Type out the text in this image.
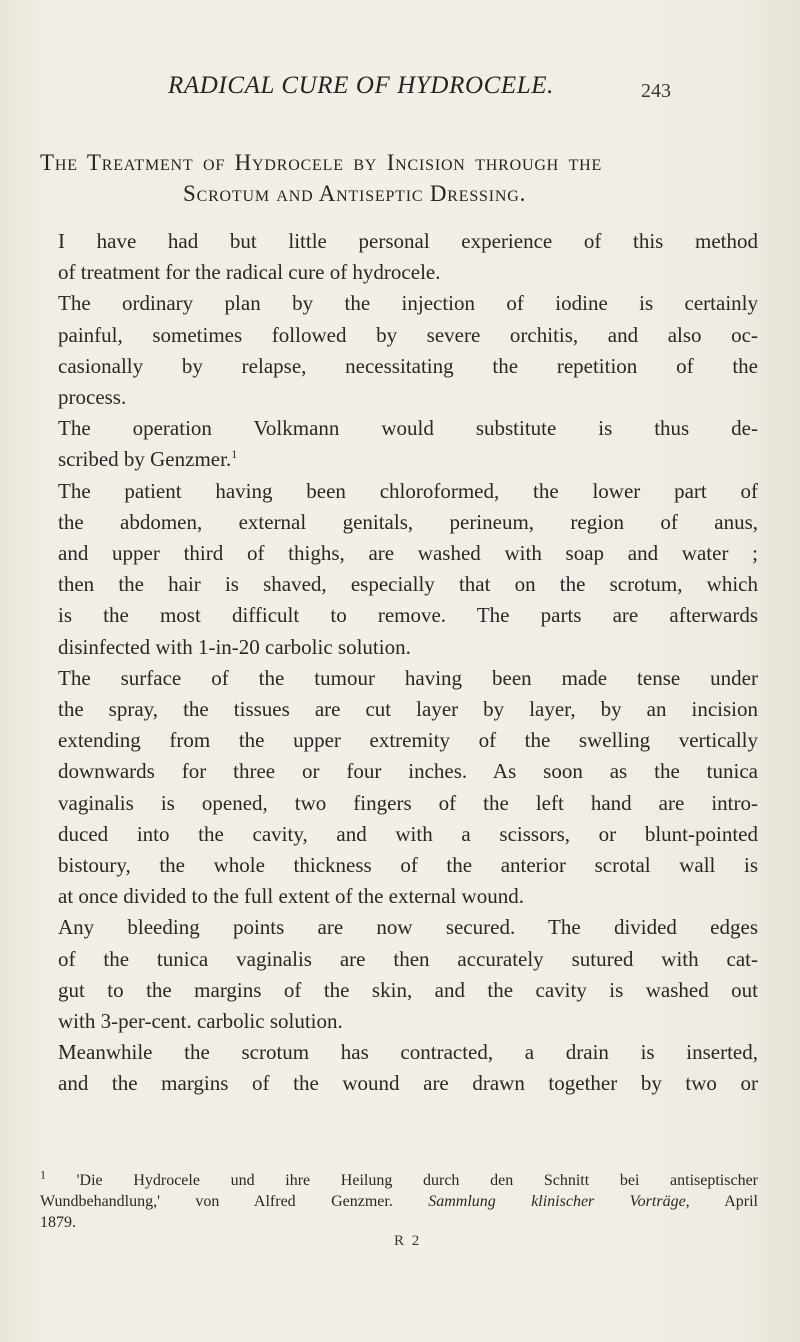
RADICAL CURE OF HYDROCELE.	243
The Treatment of Hydrocele by Incision through the
Scrotum and Antiseptic Dressing.

I have had but little personal experience of this method
of treatment for the radical cure of hydrocele.

The ordinary plan by the injection of iodine is certainly
painful, sometimes followed by severe orchitis, and also oc-
casionally by relapse, necessitating the repetition of the
process.

The operation Volkmann would substitute is thus de-
scribed by Genzmer.$^1$

The patient having been chloroformed, the lower part of
the abdomen, external genitals, perineum, region of anus,
and upper third of thighs, are washed with soap and water ;
then the hair is shaved, especially that on the scrotum, which
is the most difficult to remove. The parts are afterwards
disinfected with 1-in-20 carbolic solution.

The surface of the tumour having been made tense under
the spray, the tissues are cut layer by layer, by an incision
extending from the upper extremity of the swelling vertically
downwards for three or four inches. As soon as the tunica
vaginalis is opened, two fingers of the left hand are intro-
duced into the cavity, and with a scissors, or blunt-pointed
bistoury, the whole thickness of the anterior scrotal wall is
at once divided to the full extent of the external wound.

Any bleeding points are now secured. The divided edges
of the tunica vaginalis are then accurately sutured with cat-
gut to the margins of the skin, and the cavity is washed out
with 3-per-cent. carbolic solution.

Meanwhile the scrotum has contracted, a drain is inserted,
and the margins of the wound are drawn together by two or

$^1$ 'Die Hydrocele und ihre Heilung durch den Schnitt bei antiseptischer
Wundbehandlung,' von Alfred Genzmer. Sammlung klinischer Vorträge, April
1879.
R 2
